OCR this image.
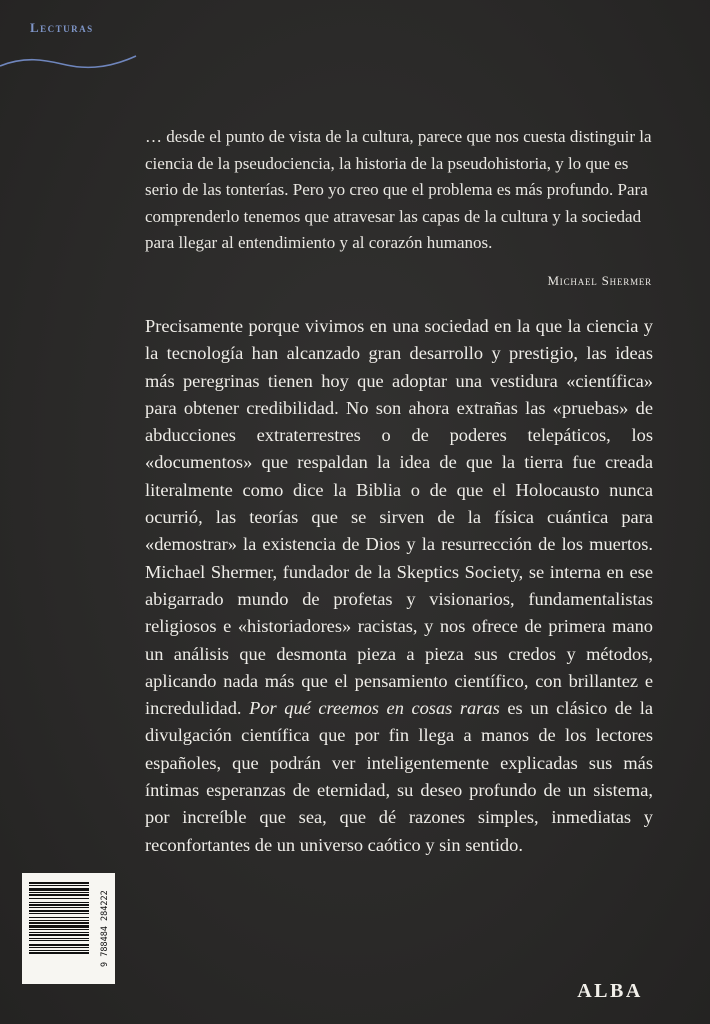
Lecturas
… desde el punto de vista de la cultura, parece que nos cuesta distinguir la ciencia de la pseudociencia, la historia de la pseudohistoria, y lo que es serio de las tonterías. Pero yo creo que el problema es más profundo. Para comprenderlo tenemos que atravesar las capas de la cultura y la sociedad para llegar al entendimiento y al corazón humanos.
Michael Shermer
Precisamente porque vivimos en una sociedad en la que la ciencia y la tecnología han alcanzado gran desarrollo y prestigio, las ideas más peregrinas tienen hoy que adoptar una vestidura «científica» para obtener credibilidad. No son ahora extrañas las «pruebas» de abducciones extraterrestres o de poderes telepáticos, los «documentos» que respaldan la idea de que la tierra fue creada literalmente como dice la Biblia o de que el Holocausto nunca ocurrió, las teorías que se sirven de la física cuántica para «demostrar» la existencia de Dios y la resurrección de los muertos. Michael Shermer, fundador de la Skeptics Society, se interna en ese abigarrado mundo de profetas y visionarios, fundamentalistas religiosos e «historiadores» racistas, y nos ofrece de primera mano un análisis que desmonta pieza a pieza sus credos y métodos, aplicando nada más que el pensamiento científico, con brillantez e incredulidad. Por qué creemos en cosas raras es un clásico de la divulgación científica que por fin llega a manos de los lectores españoles, que podrán ver inteligentemente explicadas sus más íntimas esperanzas de eternidad, su deseo profundo de un sistema, por increíble que sea, que dé razones simples, inmediatas y reconfortantes de un universo caótico y sin sentido.
9 788484 284222
ALBA
